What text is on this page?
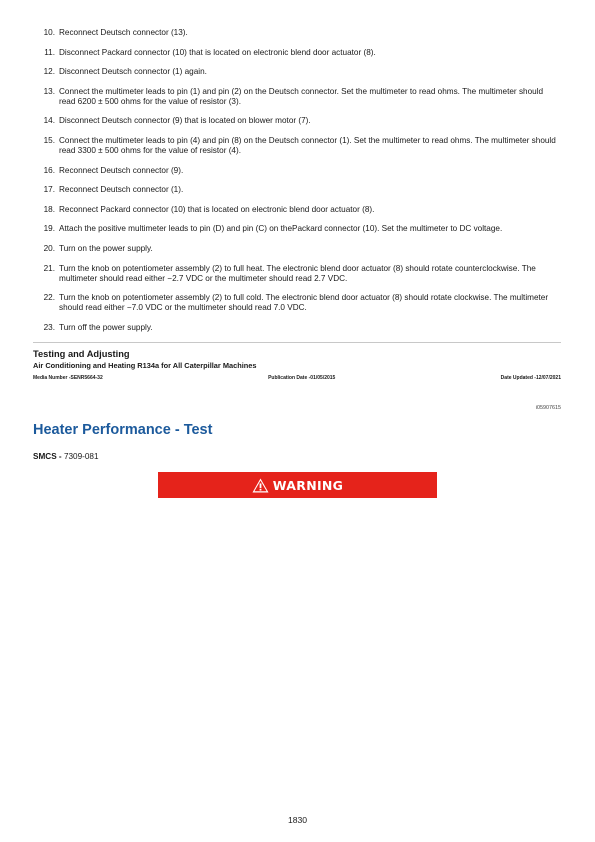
10. Reconnect Deutsch connector (13).
11. Disconnect Packard connector (10) that is located on electronic blend door actuator (8).
12. Disconnect Deutsch connector (1) again.
13. Connect the multimeter leads to pin (1) and pin (2) on the Deutsch connector. Set the multimeter to read ohms. The multimeter should read 6200 ± 500 ohms for the value of resistor (3).
14. Disconnect Deutsch connector (9) that is located on blower motor (7).
15. Connect the multimeter leads to pin (4) and pin (8) on the Deutsch connector (1). Set the multimeter to read ohms. The multimeter should read 3300 ± 500 ohms for the value of resistor (4).
16. Reconnect Deutsch connector (9).
17. Reconnect Deutsch connector (1).
18. Reconnect Packard connector (10) that is located on electronic blend door actuator (8).
19. Attach the positive multimeter leads to pin (D) and pin (C) on thePackard connector (10). Set the multimeter to DC voltage.
20. Turn on the power supply.
21. Turn the knob on potentiometer assembly (2) to full heat. The electronic blend door actuator (8) should rotate counterclockwise. The multimeter should read either −2.7 VDC or the multimeter should read 2.7 VDC.
22. Turn the knob on potentiometer assembly (2) to full cold. The electronic blend door actuator (8) should rotate clockwise. The multimeter should read either −7.0 VDC or the multimeter should read 7.0 VDC.
23. Turn off the power supply.
Testing and Adjusting
Air Conditioning and Heating R134a for All Caterpillar Machines
Media Number -SENR5664-32	Publication Date -01/05/2015	Date Updated -12/07/2021
i05907615
Heater Performance - Test
SMCS - 7309-081
WARNING
1830
